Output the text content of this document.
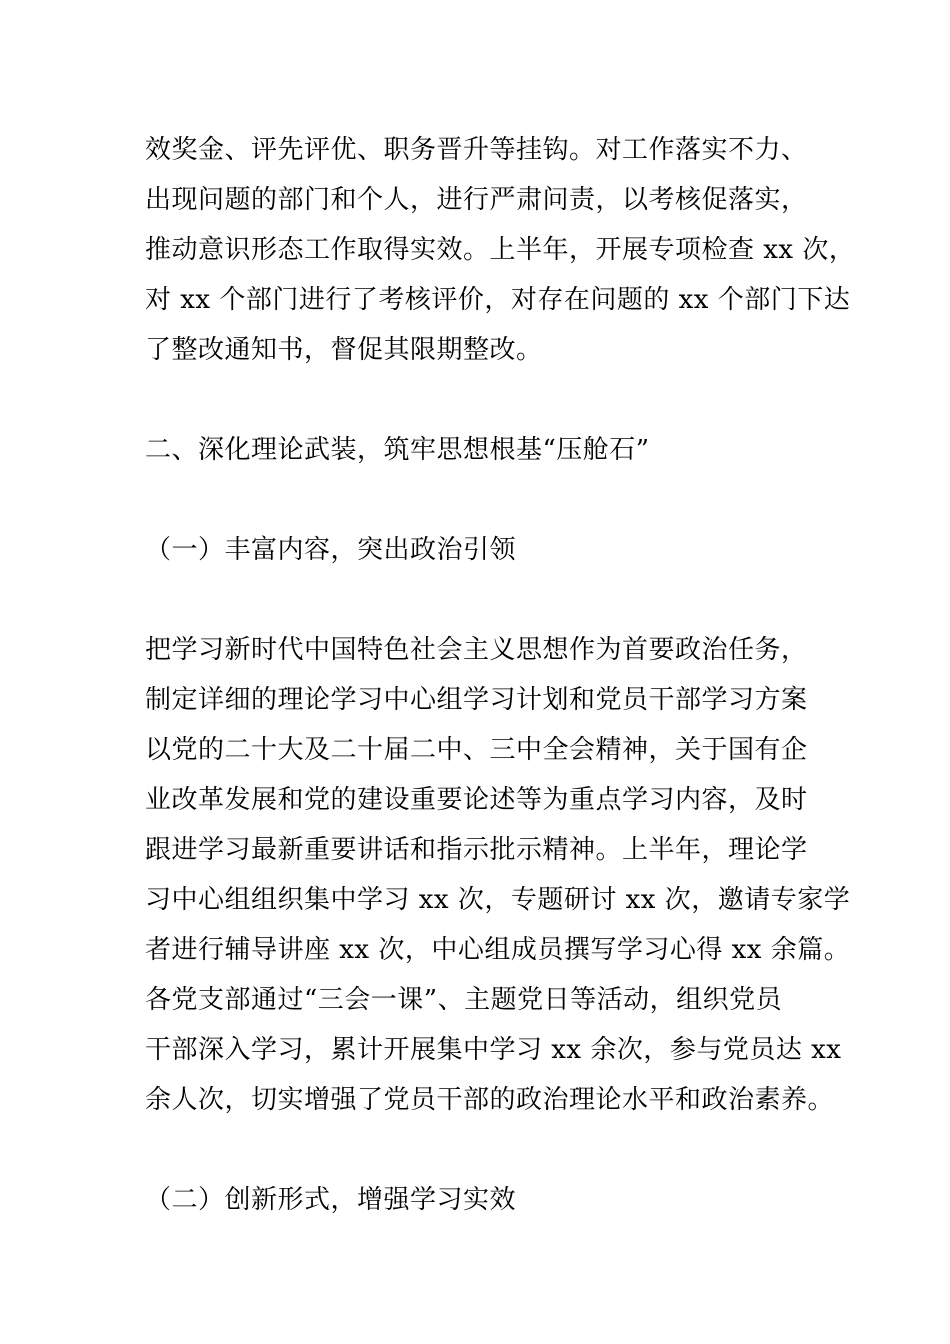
效奖金、评先评优、职务晋升等挂钩。对工作落实不力、
出现问题的部门和个人，进行严肃问责，以考核促落实，
推动意识形态工作取得实效。上半年，开展专项检查 xx 次，
对 xx 个部门进行了考核评价，对存在问题的 xx 个部门下达
了整改通知书，督促其限期整改。
二、深化理论武装，筑牢思想根基“压舱石”
（一）丰富内容，突出政治引领
把学习新时代中国特色社会主义思想作为首要政治任务，
制定详细的理论学习中心组学习计划和党员干部学习方案
以党的二十大及二十届二中、三中全会精神，关于国有企
业改革发展和党的建设重要论述等为重点学习内容，及时
跟进学习最新重要讲话和指示批示精神。上半年，理论学
习中心组组织集中学习 xx 次，专题研讨 xx 次，邀请专家学
者进行辅导讲座 xx 次，中心组成员撰写学习心得 xx 余篇。
各党支部通过“三会一课”、主题党日等活动，组织党员
干部深入学习，累计开展集中学习 xx 余次，参与党员达 xx
余人次，切实增强了党员干部的政治理论水平和政治素养。
（二）创新形式，增强学习实效
